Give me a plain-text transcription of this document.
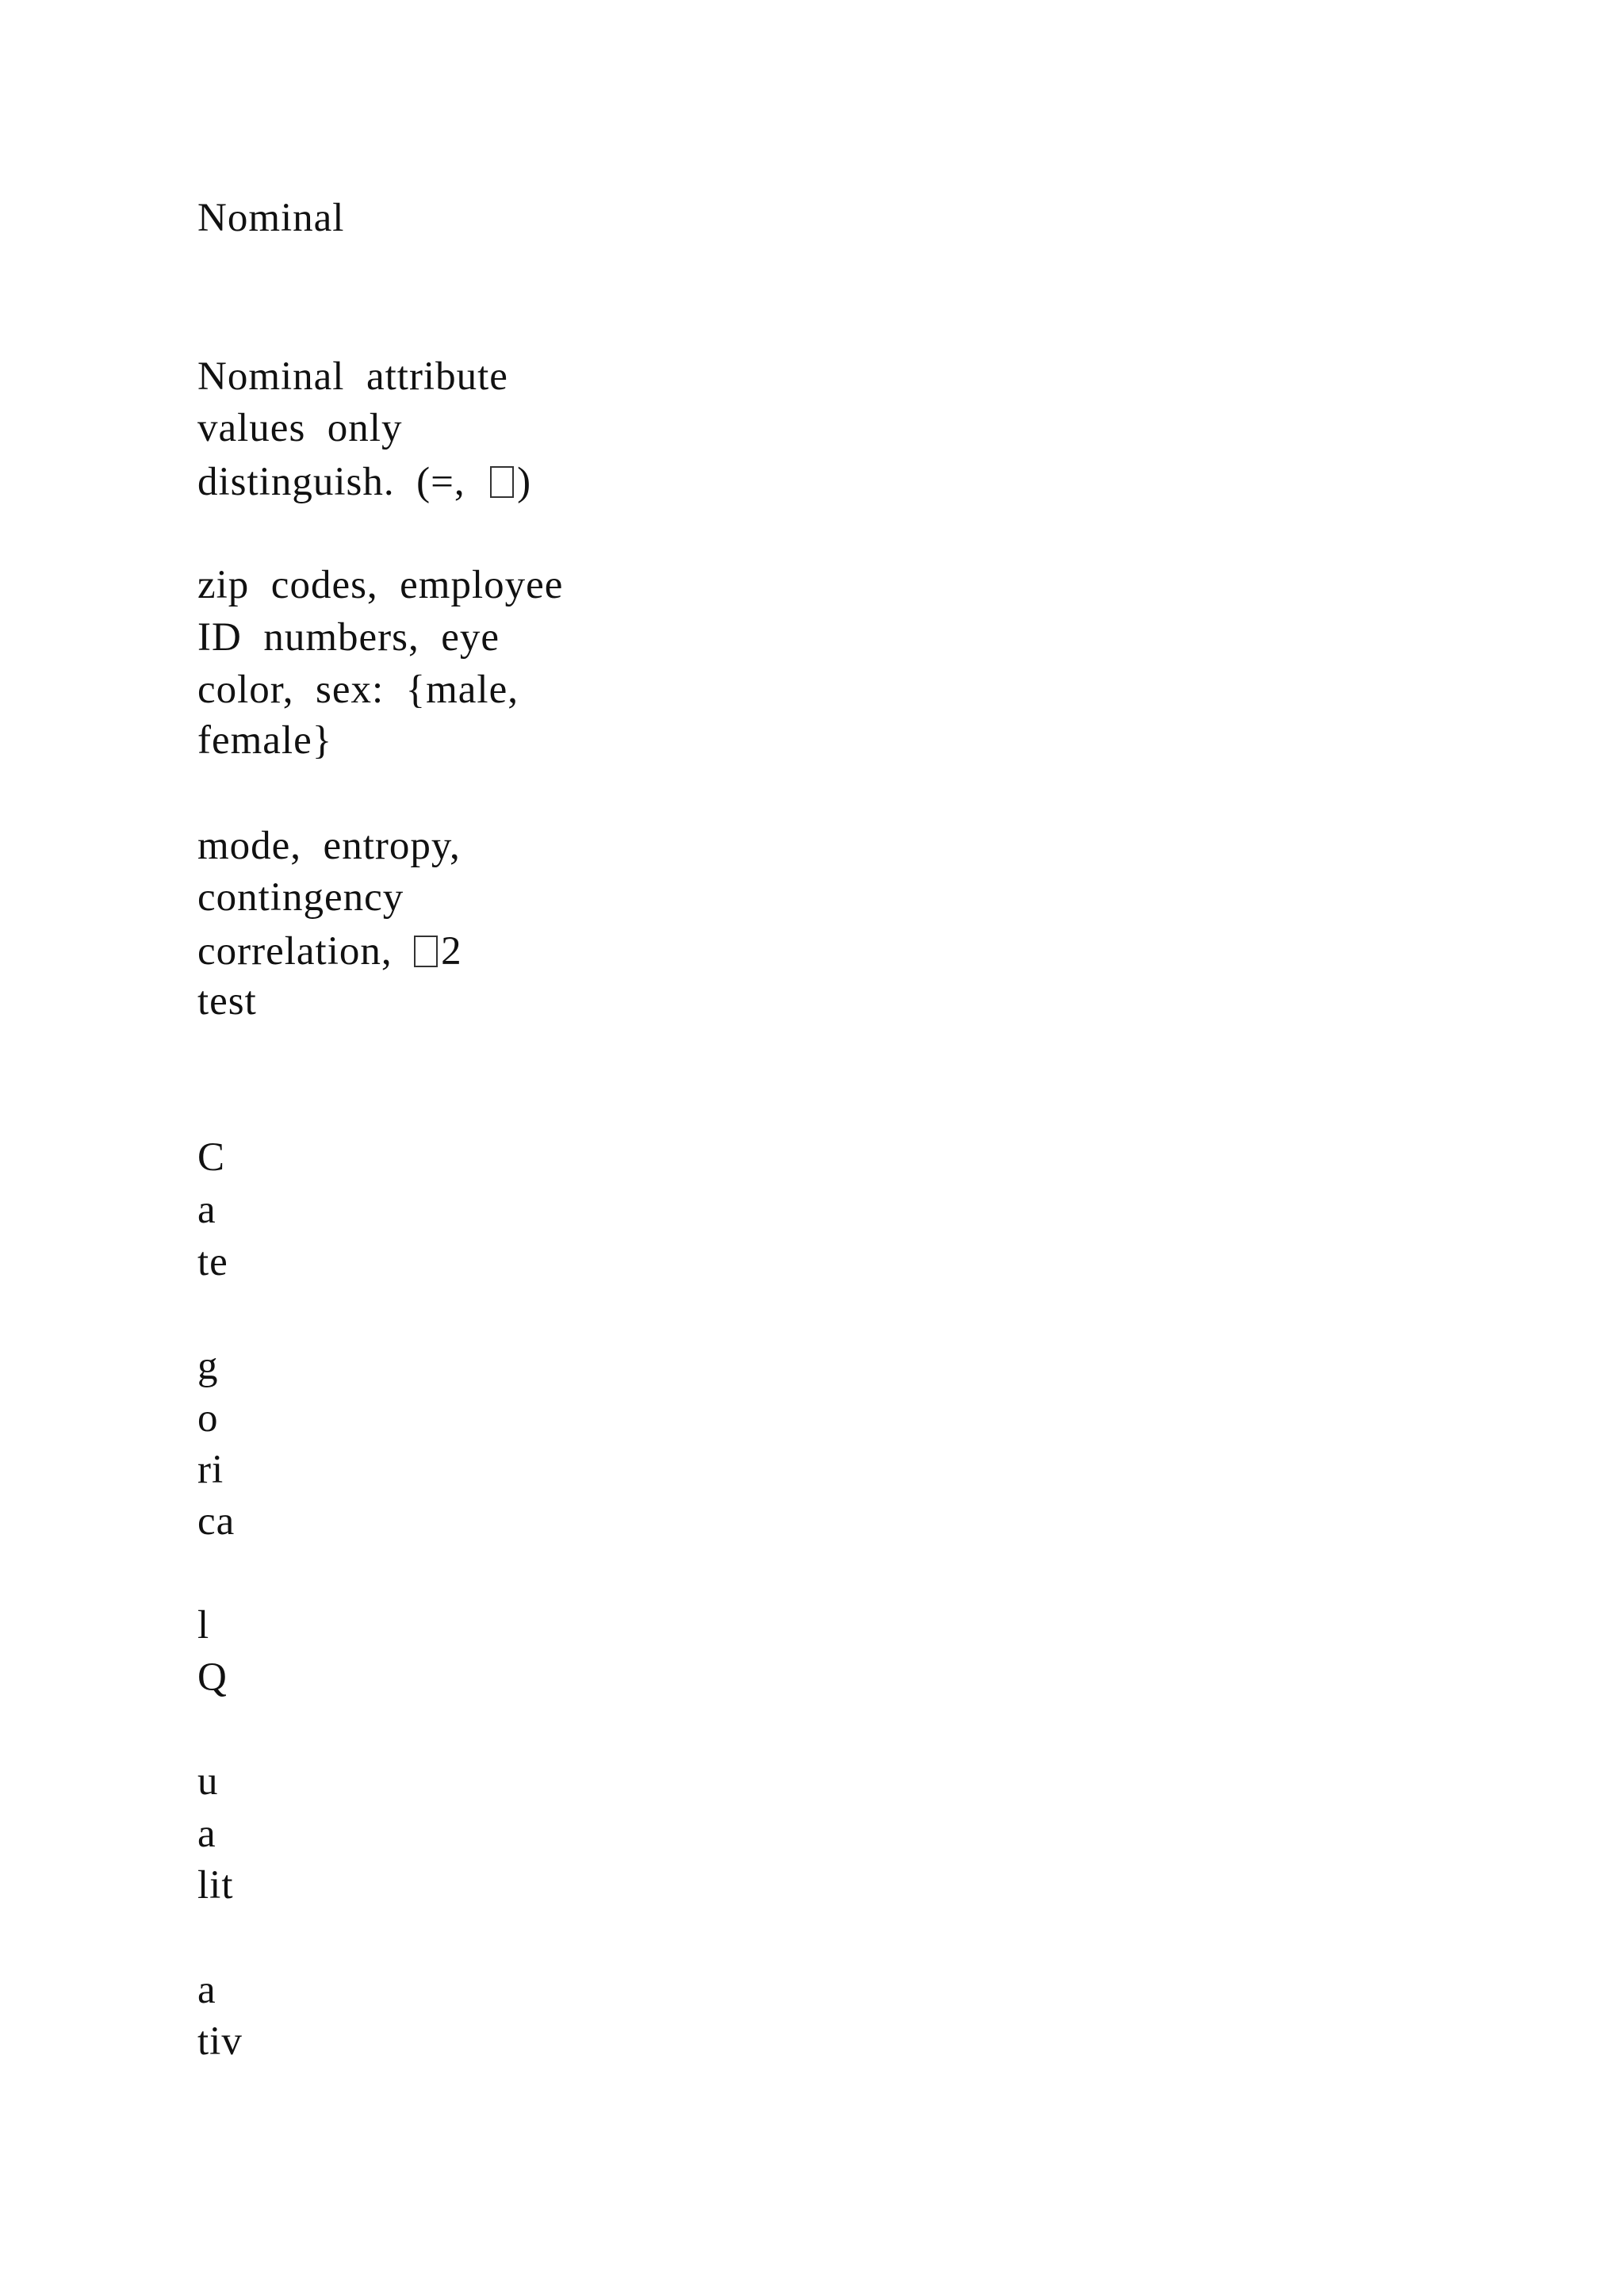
Nominal
Nominal  attribute
values  only
distinguish.  (=,  )
zip  codes,  employee
ID  numbers,  eye
color,  sex:  {male,
female}
mode,  entropy,
contingency
correlation,  2
test
C
a
te
g
o
ri
ca
l
Q
u
a
lit
a
tiv
